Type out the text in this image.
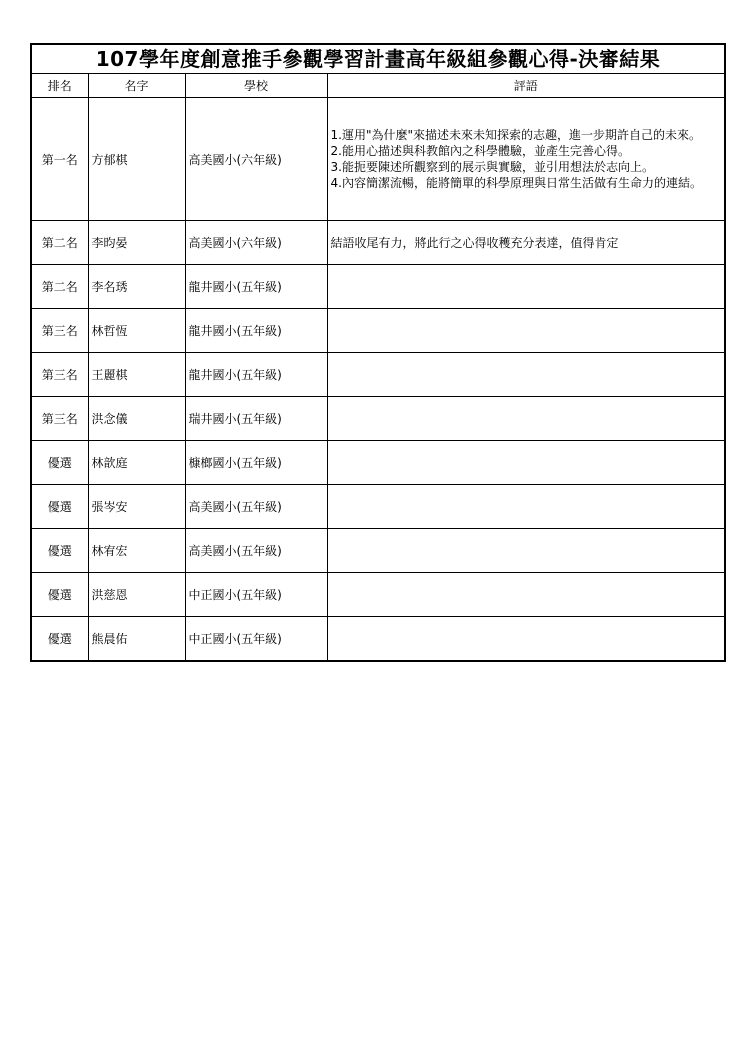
107學年度創意推手參觀學習計畫高年級組參觀心得-決審結果
排名	名字	學校	評語
第一名	方郁棋	高美國小(六年級)	1.運用"為什麼"來描述未來未知探索的志趣，進一步期許自己的未來。
2.能用心描述與科教館內之科學體驗，並產生完善心得。
3.能扼要陳述所觀察到的展示與實驗，並引用想法於志向上。
4.內容簡潔流暢，能將簡單的科學原理與日常生活做有生命力的連結。

第二名	李昀晏	高美國小(六年級)	結語收尾有力，將此行之心得收穫充分表達，值得肯定

第二名	李名琇	龍井國小(五年級)	

第三名	林哲恆	龍井國小(五年級)	

第三名	王麗棋	龍井國小(五年級)	

第三名	洪念儀	瑞井國小(五年級)	

優選	林歆庭	槺榔國小(五年級)	

優選	張岑安	高美國小(五年級)	

優選	林宥宏	高美國小(五年級)	

優選	洪慈恩	中正國小(五年級)	

優選	熊晨佑	中正國小(五年級)	
